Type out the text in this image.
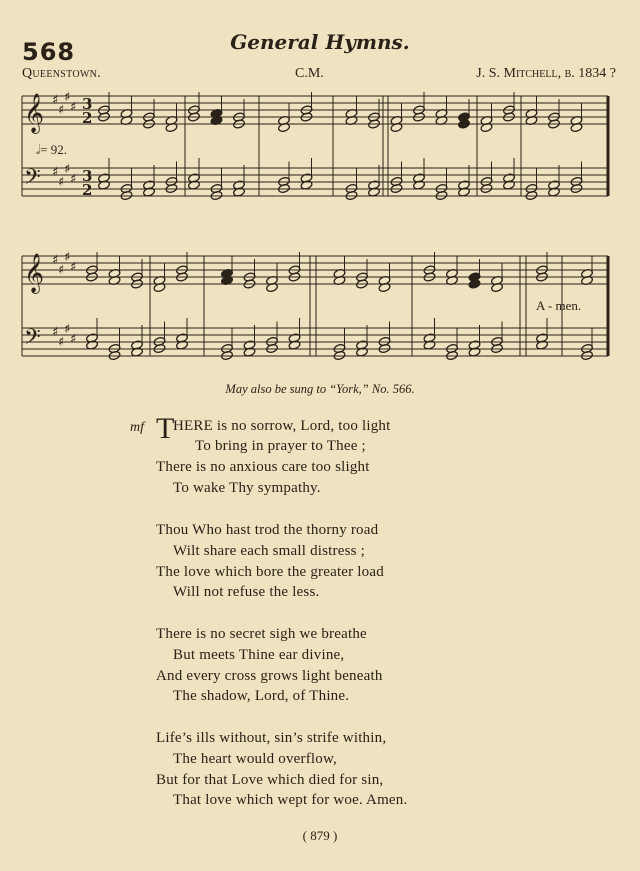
568	General Hymns.
Queenstown.	C.M.	J. S. Mitchell, b. 1834 ?
𝄞
𝄢
♯
♯
♯
♯
♯
♯
♯
♯
3
3
2
2
𝄞
𝄢
♯
♯
♯
♯
♯
♯
♯
♯
𝅗𝅥= 92.
A - men.
May also be sung to “York,” No. 566.
mf T
HERE is no sorrow, Lord, too light
To bring in prayer to Thee ;
There is no anxious care too slight
To wake Thy sympathy.
Thou Who hast trod the thorny road
Wilt share each small distress ;
The love which bore the greater load
Will not refuse the less.
There is no secret sigh we breathe
But meets Thine ear divine,
And every cross grows light beneath
The shadow, Lord, of Thine.
Life’s ills without, sin’s strife within,
The heart would overflow,
But for that Love which died for sin,
That love which wept for woe. Amen.
( 879 )
